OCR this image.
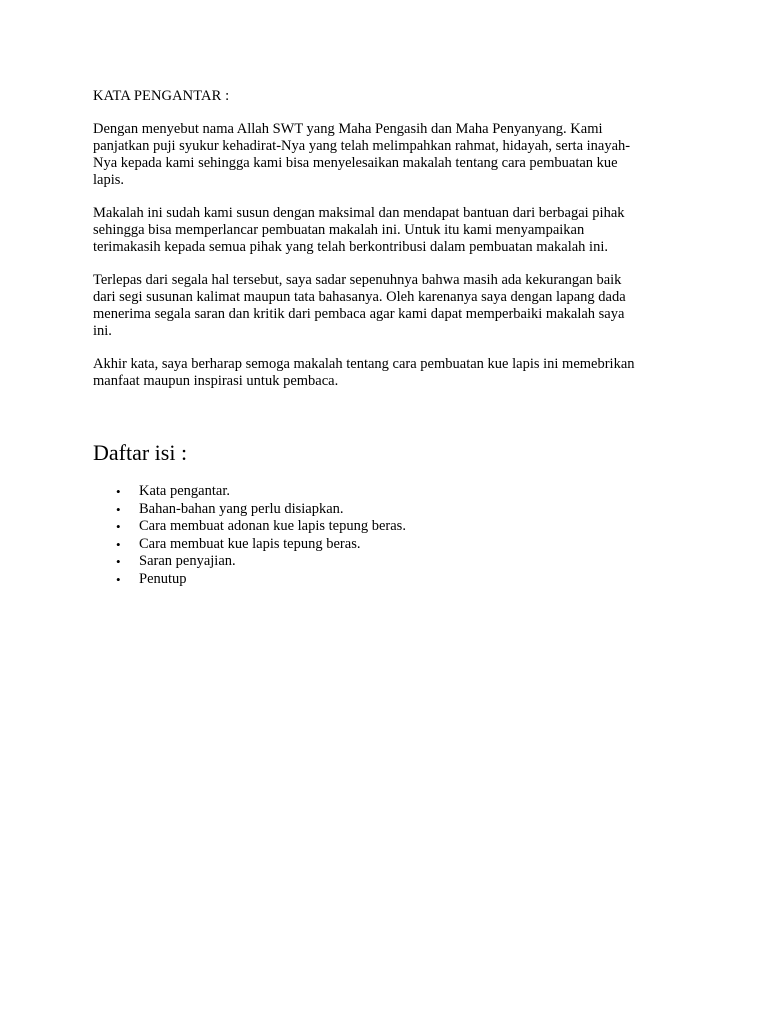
KATA PENGANTAR :
Dengan menyebut nama Allah SWT yang Maha Pengasih dan Maha Penyanyang. Kami
panjatkan puji syukur kehadirat-Nya yang telah melimpahkan rahmat, hidayah, serta inayah-
Nya kepada kami sehingga kami bisa menyelesaikan makalah tentang cara pembuatan kue
lapis.
Makalah ini sudah kami susun dengan maksimal dan mendapat bantuan dari berbagai pihak
sehingga bisa memperlancar pembuatan makalah ini. Untuk itu kami menyampaikan
terimakasih kepada semua pihak yang telah berkontribusi dalam pembuatan makalah ini.
Terlepas dari segala hal tersebut, saya sadar sepenuhnya bahwa masih ada kekurangan baik
dari segi susunan kalimat maupun tata bahasanya. Oleh karenanya saya dengan lapang dada
menerima segala saran dan kritik dari pembaca agar kami dapat memperbaiki makalah saya
ini.
Akhir kata, saya berharap semoga makalah tentang cara pembuatan kue lapis ini memebrikan
manfaat maupun inspirasi untuk pembaca.
Daftar isi :
• Kata pengantar.
• Bahan-bahan yang perlu disiapkan.
• Cara membuat adonan kue lapis tepung beras.
• Cara membuat kue lapis tepung beras.
• Saran penyajian.
• Penutup
